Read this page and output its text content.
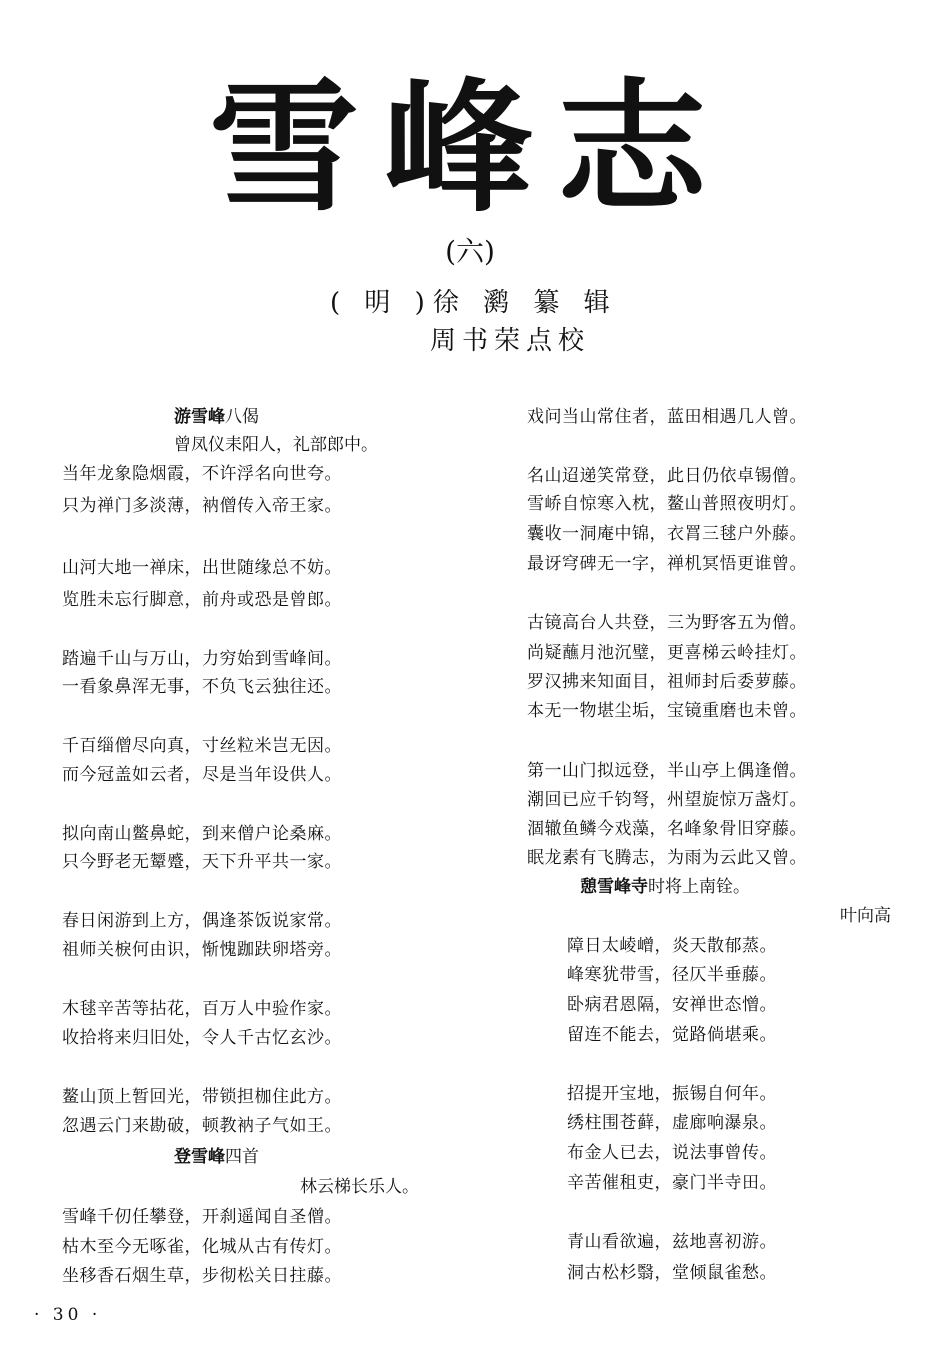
雪峰志
(六)
( 明 )徐 㶉 纂 辑
周书荣点校
游雪峰八偈
曾凤仪耒阳人，礼部郎中。
当年龙象隐烟霞，不许浮名向世夸。
只为禅门多淡薄，衲僧传入帝王家。
山河大地一禅床，出世随缘总不妨。
览胜未忘行脚意，前舟或恐是曾郎。
踏遍千山与万山，力穷始到雪峰间。
一看象鼻浑无事，不负飞云独往还。
千百缁僧尽向真，寸丝粒米岂无因。
而今冠盖如云者，尽是当年设供人。
拟向南山鳖鼻蛇，到来僧户论桑麻。
只今野老无颦蹙，天下升平共一家。
春日闲游到上方，偶逢茶饭说家常。
祖师关棙何由识，惭愧跏趺卵塔旁。
木毬辛苦等拈花，百万人中验作家。
收拾将来归旧处，令人千古忆玄沙。
鳌山顶上暂回光，带锁担枷住此方。
忽遇云门来勘破，顿教衲子气如王。
登雪峰四首
林云梯长乐人。
雪峰千仞任攀登，开刹遥闻自圣僧。
枯木至今无啄雀，化城从古有传灯。
坐移香石烟生草，步彻松关日拄藤。
戏问当山常住者，蓝田相遇几人曾。
名山迢递笑常登，此日仍依卓锡僧。
雪峤自惊寒入枕，鳌山普照夜明灯。
囊收一洞庵中锦，衣罥三毬户外藤。
最讶穹碑无一字，禅机冥悟更谁曾。
古镜高台人共登，三为野客五为僧。
尚疑蘸月池沉璧，更喜梯云岭挂灯。
罗汉拂来知面目，祖师封后委萝藤。
本无一物堪尘垢，宝镜重磨也未曾。
第一山门拟远登，半山亭上偶逢僧。
潮回已应千钧弩，州望旋惊万盏灯。
涸辙鱼鳞今戏藻，名峰象骨旧穿藤。
眠龙素有飞腾志，为雨为云此又曾。
憩雪峰寺时将上南铨。
叶向高
障日太崚嶒，炎天散郁蒸。
峰寒犹带雪，径仄半垂藤。
卧病君恩隔，安禅世态憎。
留连不能去，觉路倘堪乘。
招提开宝地，振锡自何年。
绣柱围苍藓，虚廊响瀑泉。
布金人已去，说法事曾传。
辛苦催租吏，豪门半寺田。
青山看欲遍，兹地喜初游。
洞古松杉翳，堂倾鼠雀愁。
· 30 ·
